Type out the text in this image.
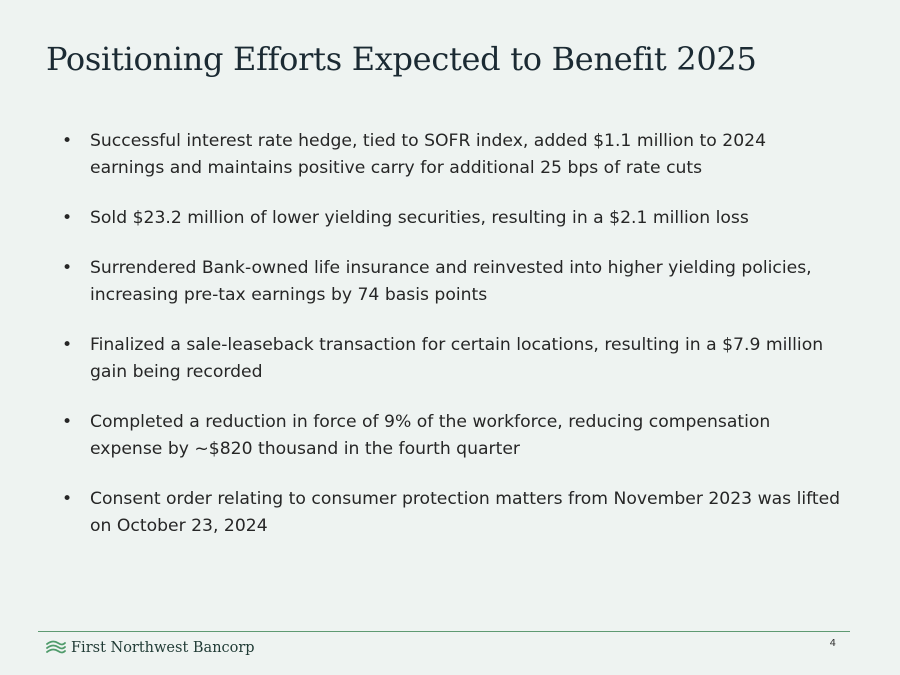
Positioning Efforts Expected to Benefit 2025
• Successful interest rate hedge, tied to SOFR index, added $1.1 million to 2024 earnings and maintains positive carry for additional 25 bps of rate cuts
• Sold $23.2 million of lower yielding securities, resulting in a $2.1 million loss
• Surrendered Bank-owned life insurance and reinvested into higher yielding policies, increasing pre-tax earnings by 74 basis points
• Finalized a sale-leaseback transaction for certain locations, resulting in a $7.9 million gain being recorded
• Completed a reduction in force of 9% of the workforce, reducing compensation expense by ~$820 thousand in the fourth quarter
• Consent order relating to consumer protection matters from November 2023 was lifted on October 23, 2024
First Northwest Bancorp	4
